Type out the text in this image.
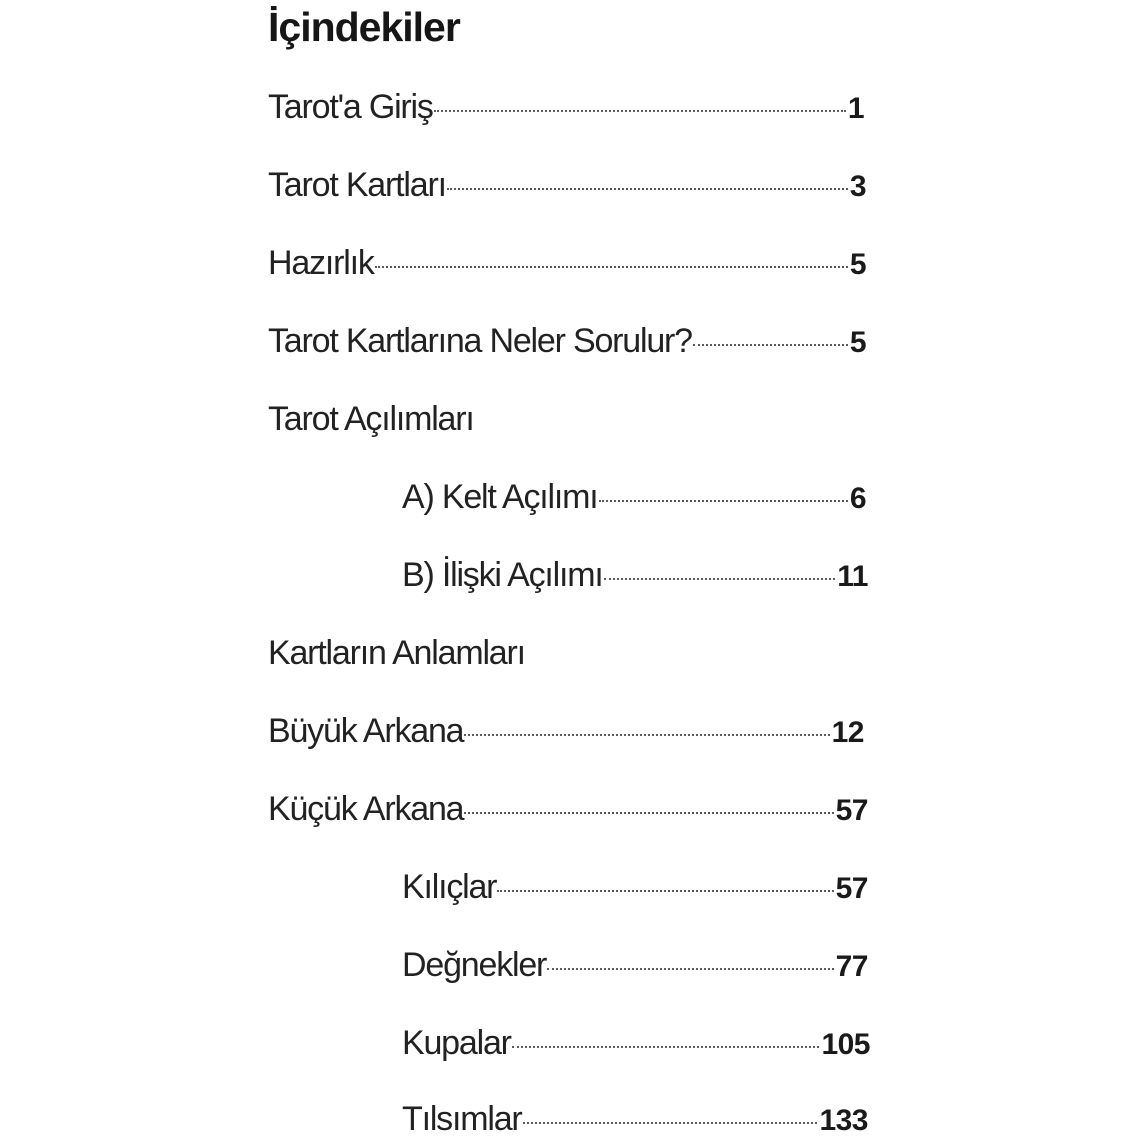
İçindekiler
Tarot'a Giriş	1
Tarot Kartları	3
Hazırlık	5
Tarot Kartlarına Neler Sorulur?	5
Tarot Açılımları
A) Kelt Açılımı	6
B) İlişki Açılımı	11
Kartların Anlamları
Büyük Arkana	12
Küçük Arkana	57
Kılıçlar	57
Değnekler	77
Kupalar	105
Tılsımlar	133
